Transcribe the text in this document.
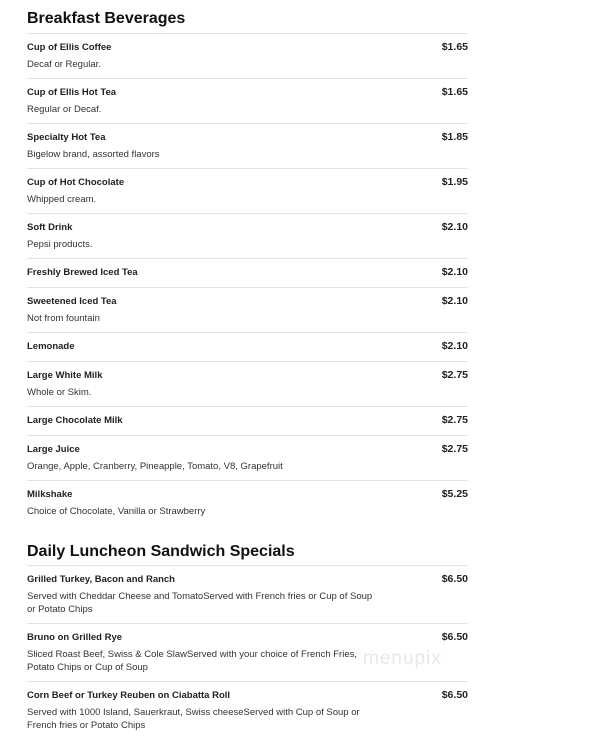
Breakfast Beverages
Cup of Ellis Coffee	$1.65
Decaf or Regular.
Cup of Ellis Hot Tea	$1.65
Regular or Decaf.
Specialty Hot Tea	$1.85
Bigelow brand, assorted flavors
Cup of Hot Chocolate	$1.95
Whipped cream.
Soft Drink	$2.10
Pepsi products.
Freshly Brewed Iced Tea	$2.10
Sweetened Iced Tea	$2.10
Not from fountain
Lemonade	$2.10
Large White Milk	$2.75
Whole or Skim.
Large Chocolate Milk	$2.75
Large Juice	$2.75
Orange, Apple, Cranberry, Pineapple, Tomato, V8, Grapefruit
Milkshake	$5.25
Choice of Chocolate, Vanilla or Strawberry
Daily Luncheon Sandwich Specials
Grilled Turkey, Bacon and Ranch	$6.50
Served with Cheddar Cheese and TomatoServed with French fries or Cup of Soup or Potato Chips
Bruno on Grilled Rye	$6.50
Sliced Roast Beef, Swiss & Cole SlawServed with your choice of French Fries, Potato Chips or Cup of Soup
Corn Beef or Turkey Reuben on Ciabatta Roll	$6.50
Served with 1000 Island, Sauerkraut, Swiss cheeseServed with Cup of Soup or French fries or Potato Chips
menupix
